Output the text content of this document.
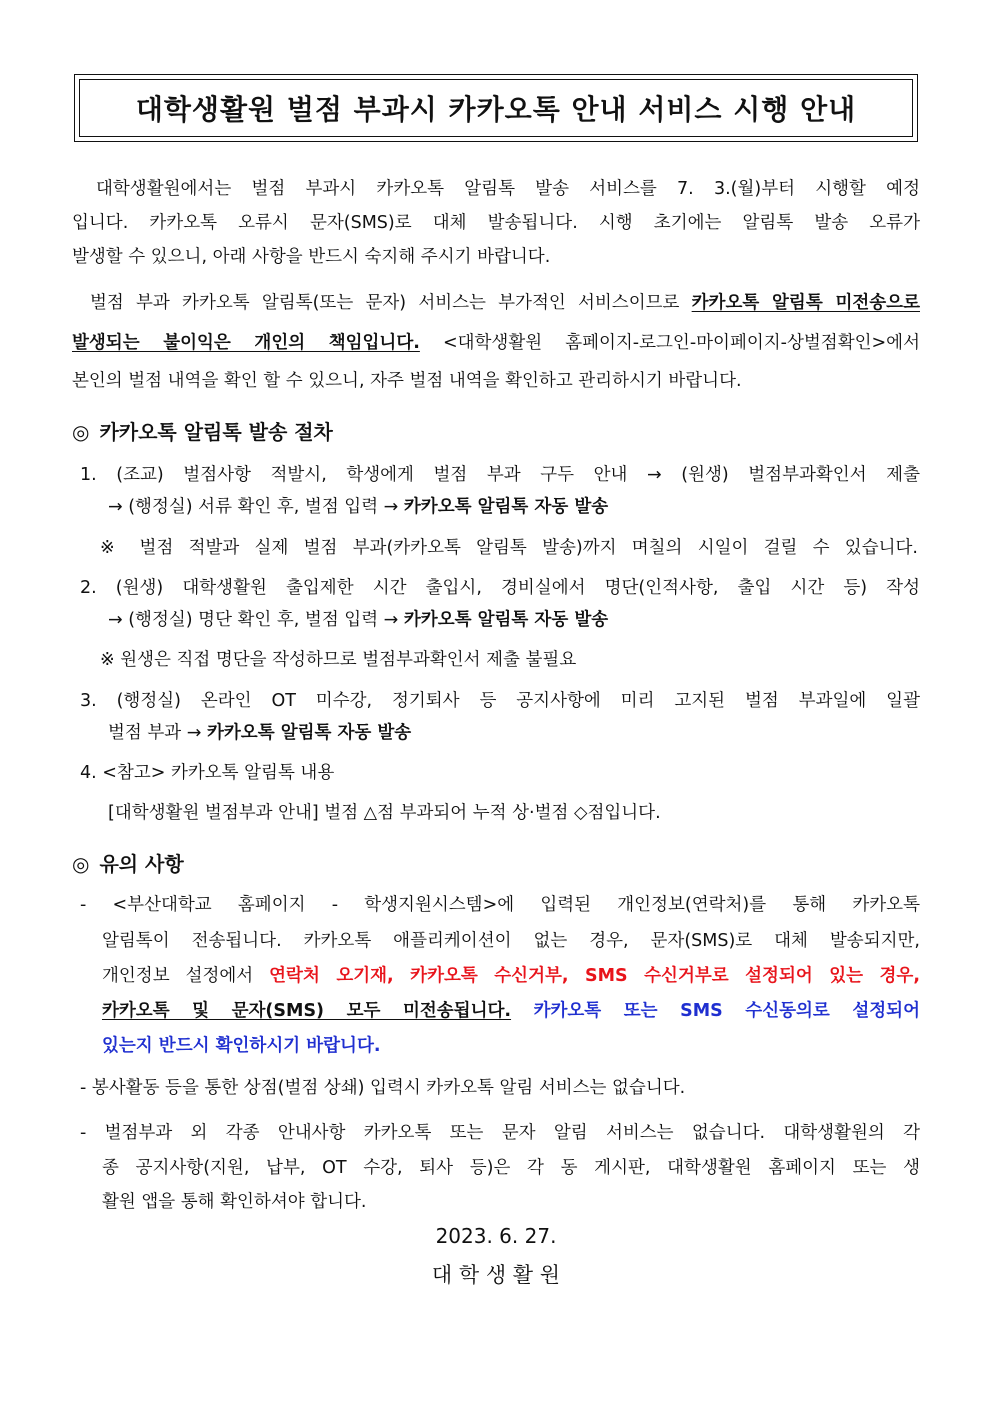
대학생활원 벌점 부과시 카카오톡 안내 서비스 시행 안내
대학생활원에서는 벌점 부과시 카카오톡 알림톡 발송 서비스를 7. 3.(월)부터 시행할 예정
입니다. 카카오톡 오류시 문자(SMS)로 대체 발송됩니다. 시행 초기에는 알림톡 발송 오류가
발생할 수 있으니, 아래 사항을 반드시 숙지해 주시기 바랍니다.
벌점 부과 카카오톡 알림톡(또는 문자) 서비스는 부가적인 서비스이므로 카카오톡 알림톡 미전송으로
발생되는 불이익은 개인의 책임입니다. <대학생활원 홈페이지-로그인-마이페이지-상벌점확인>에서
본인의 벌점 내역을 확인 할 수 있으니, 자주 벌점 내역을 확인하고 관리하시기 바랍니다.
◎ 카카오톡 알림톡 발송 절차
1. (조교) 벌점사항 적발시, 학생에게 벌점 부과 구두 안내 → (원생) 벌점부과확인서 제출
→ (행정실) 서류 확인 후, 벌점 입력 → 카카오톡 알림톡 자동 발송
※ 벌점 적발과 실제 벌점 부과(카카오톡 알림톡 발송)까지 며칠의 시일이 걸릴 수 있습니다.
2. (원생) 대학생활원 출입제한 시간 출입시, 경비실에서 명단(인적사항, 출입 시간 등) 작성
→ (행정실) 명단 확인 후, 벌점 입력 → 카카오톡 알림톡 자동 발송
※ 원생은 직접 명단을 작성하므로 벌점부과확인서 제출 불필요
3. (행정실) 온라인 OT 미수강, 정기퇴사 등 공지사항에 미리 고지된 벌점 부과일에 일괄
벌점 부과 → 카카오톡 알림톡 자동 발송
4. <참고> 카카오톡 알림톡 내용
[대학생활원 벌점부과 안내] 벌점 △점 부과되어 누적 상·벌점 ◇점입니다.
◎ 유의 사항
- <부산대학교 홈페이지 - 학생지원시스템>에 입력된 개인정보(연락처)를 통해 카카오톡
알림톡이 전송됩니다. 카카오톡 애플리케이션이 없는 경우, 문자(SMS)로 대체 발송되지만,
개인정보 설정에서 연락처 오기재, 카카오톡 수신거부, SMS 수신거부로 설정되어 있는 경우,
카카오톡 및 문자(SMS) 모두 미전송됩니다. 카카오톡 또는 SMS 수신동의로 설정되어
있는지 반드시 확인하시기 바랍니다.
- 봉사활동 등을 통한 상점(벌점 상쇄) 입력시 카카오톡 알림 서비스는 없습니다.
- 벌점부과 외 각종 안내사항 카카오톡 또는 문자 알림 서비스는 없습니다. 대학생활원의 각
종 공지사항(지원, 납부, OT 수강, 퇴사 등)은 각 동 게시판, 대학생활원 홈페이지 또는 생
활원 앱을 통해 확인하셔야 합니다.
2023. 6. 27.
대 학 생 활 원
